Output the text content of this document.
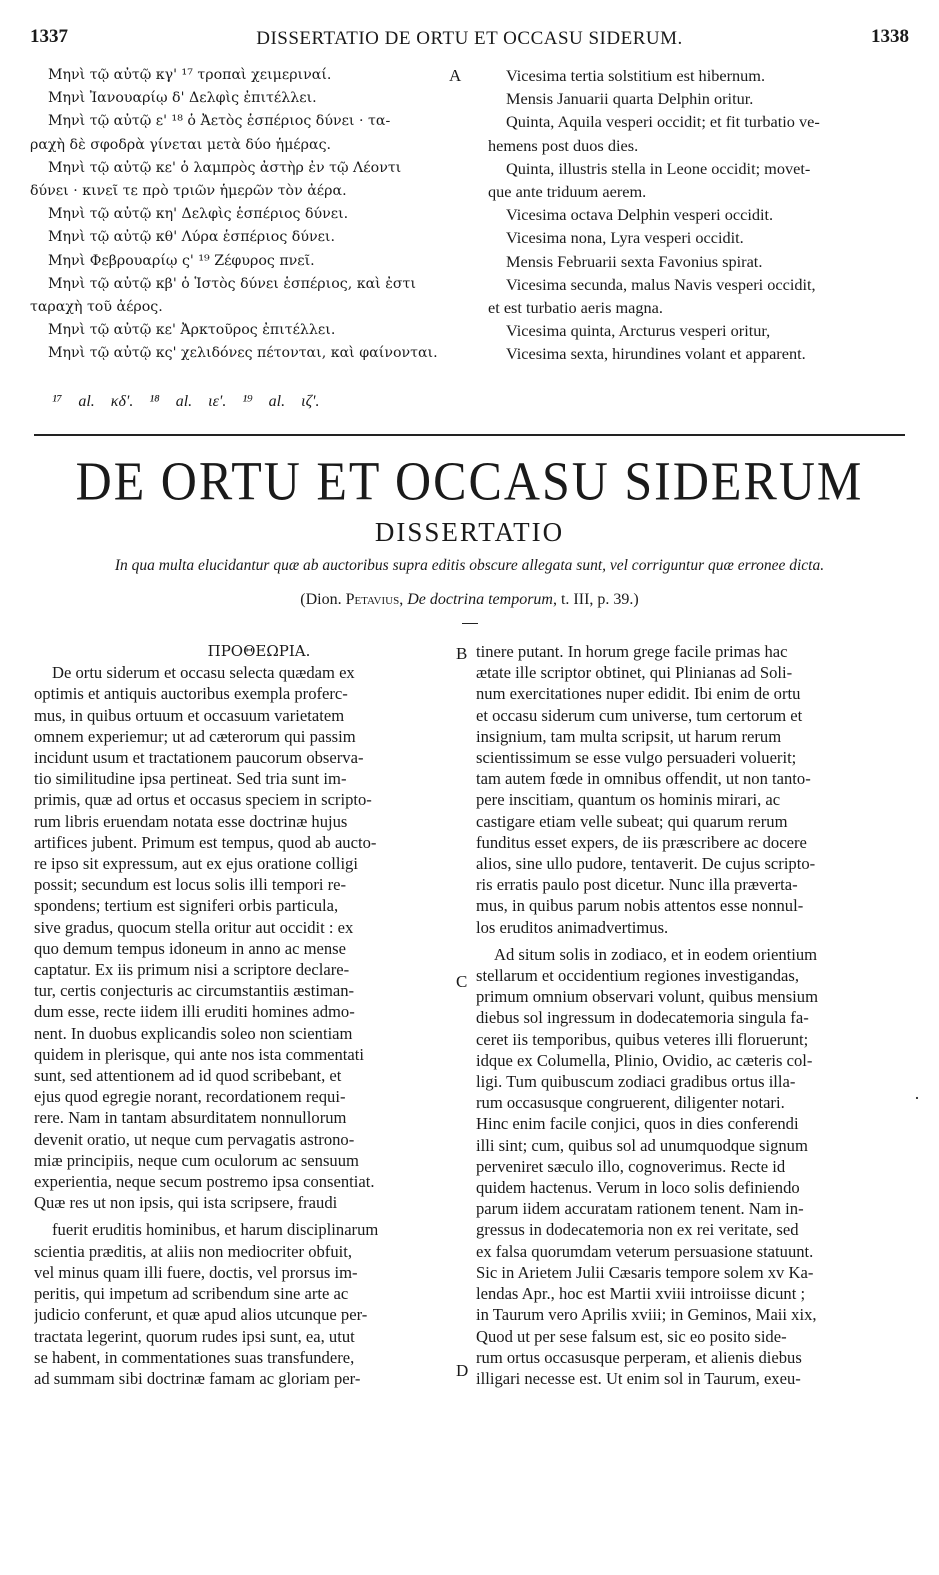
1337	DISSERTATIO DE ORTU ET OCCASU SIDERUM.	1338
Μηνὶ τῷ αὐτῷ κγ' ¹⁷ τροπαὶ χειμεριναί.
Μηνὶ Ἰανουαρίῳ δ' Δελφὶς ἐπιτέλλει.
Μηνὶ τῷ αὐτῷ ε' ¹⁸ ὁ Ἀετὸς ἑσπέριος δύνει · τα-
ραχὴ δὲ σφοδρὰ γίνεται μετὰ δύο ἡμέρας.
Μηνὶ τῷ αὐτῷ κε' ὁ λαμπρὸς ἀστὴρ ἐν τῷ Λέοντι
δύνει · κινεῖ τε πρὸ τριῶν ἡμερῶν τὸν ἀέρα.
Μηνὶ τῷ αὐτῷ κη' Δελφὶς ἑσπέριος δύνει.
Μηνὶ τῷ αὐτῷ κθ' Λύρα ἑσπέριος δύνει.
Μηνὶ Φεβρουαρίῳ ς' ¹⁹ Ζέφυρος πνεῖ.
Μηνὶ τῷ αὐτῷ κβ' ὁ Ἱστὸς δύνει ἑσπέριος, καὶ ἐστι
ταραχὴ τοῦ ἀέρος.
Μηνὶ τῷ αὐτῷ κε' Ἀρκτοῦρος ἐπιτέλλει.
Μηνὶ τῷ αὐτῷ κς' χελιδόνες πέτονται, καὶ φαίνονται.
A	Vicesima tertia solstitium est hibernum.
Mensis Januarii quarta Delphin oritur.
Quinta, Aquila vesperi occidit; et fit turbatio ve-
hemens post duos dies.
Quinta, illustris stella in Leone occidit; movet-
que ante triduum aerem.
Vicesima octava Delphin vesperi occidit.
Vicesima nona, Lyra vesperi occidit.
Mensis Februarii sexta Favonius spirat.
Vicesima secunda, malus Navis vesperi occidit,
et est turbatio aeris magna.
Vicesima quinta, Arcturus vesperi oritur,
Vicesima sexta, hirundines volant et apparent.
¹⁷ al. κδ'. ¹⁸ al. ιε'. ¹⁹ al. ιζ'.
DE ORTU ET OCCASU SIDERUM
DISSERTATIO
In qua multa elucidantur quæ ab auctoribus supra editis obscure allegata sunt, vel corriguntur quæ erronee dicta.
(Dion. Petavius, De doctrina temporum, t. III, p. 39.)
ΠΡΟΘΕΩΡΙΑ.
De ortu siderum et occasu selecta quædam ex
optimis et antiquis auctoribus exempla proferc-
mus, in quibus ortuum et occasuum varietatem
omnem experiemur; ut ad cæterorum qui passim
incidunt usum et tractationem paucorum observa-
tio similitudine ipsa pertineat. Sed tria sunt im-
primis, quæ ad ortus et occasus speciem in scripto-
rum libris eruendam notata esse doctrinæ hujus
artifices jubent. Primum est tempus, quod ab aucto-
re ipso sit expressum, aut ex ejus oratione colligi
possit; secundum est locus solis illi tempori re-
spondens; tertium est signiferi orbis particula,
sive gradus, quocum stella oritur aut occidit : ex
quo demum tempus idoneum in anno ac mense
captatur. Ex iis primum nisi a scriptore declare-
tur, certis conjecturis ac circumstantiis æstiman-
dum esse, recte iidem illi eruditi homines admo-
nent. In duobus explicandis soleo non scientiam
quidem in plerisque, qui ante nos ista commentati
sunt, sed attentionem ad id quod scribebant, et
ejus quod egregie norant, recordationem requi-
rere. Nam in tantam absurditatem nonnullorum
devenit oratio, ut neque cum pervagatis astrono-
miæ principiis, neque cum oculorum ac sensuum
experientia, neque secum postremo ipsa consentiat.
Quæ res ut non ipsis, qui ista scripsere, fraudi
fuerit eruditis hominibus, et harum disciplinarum
scientia præditis, at aliis non mediocriter obfuit,
vel minus quam illi fuere, doctis, vel prorsus im-
peritis, qui impetum ad scribendum sine arte ac
judicio conferunt, et quæ apud alios utcunque per-
tractata legerint, quorum rudes ipsi sunt, ea, utut
se habent, in commentationes suas transfundere,
ad summam sibi doctrinæ famam ac gloriam per-
B
C
D
tinere putant. In horum grege facile primas hac
ætate ille scriptor obtinet, qui Plinianas ad Soli-
num exercitationes nuper edidit. Ibi enim de ortu
et occasu siderum cum universe, tum certorum et
insignium, tam multa scripsit, ut harum rerum
scientissimum se esse vulgo persuaderi voluerit;
tam autem fœde in omnibus offendit, ut non tanto-
pere inscitiam, quantum os hominis mirari, ac
castigare etiam velle subeat; qui quarum rerum
funditus esset expers, de iis præscribere ac docere
alios, sine ullo pudore, tentaverit. De cujus scripto-
ris erratis paulo post dicetur. Nunc illa præverta-
mus, in quibus parum nobis attentos esse nonnul-
los eruditos animadvertimus.
Ad situm solis in zodiaco, et in eodem orientium
stellarum et occidentium regiones investigandas,
primum omnium observari volunt, quibus mensium
diebus sol ingressum in dodecatemoria singula fa-
ceret iis temporibus, quibus veteres illi floruerunt;
idque ex Columella, Plinio, Ovidio, ac cæteris col-
ligi. Tum quibuscum zodiaci gradibus ortus illa-
rum occasusque congruerent, diligenter notari.
Hinc enim facile conjici, quos in dies conferendi
illi sint; cum, quibus sol ad unumquodque signum
perveniret sæculo illo, cognoverimus. Recte id
quidem hactenus. Verum in loco solis definiendo
parum iidem accuratam rationem tenent. Nam in-
gressus in dodecatemoria non ex rei veritate, sed
ex falsa quorumdam veterum persuasione statuunt.
Sic in Arietem Julii Cæsaris tempore solem xv Ka-
lendas Apr., hoc est Martii xviii introiisse dicunt ;
in Taurum vero Aprilis xviii; in Geminos, Maii xix,
Quod ut per sese falsum est, sic eo posito side-
rum ortus occasusque perperam, et alienis diebus
illigari necesse est. Ut enim sol in Taurum, exeu-
·
